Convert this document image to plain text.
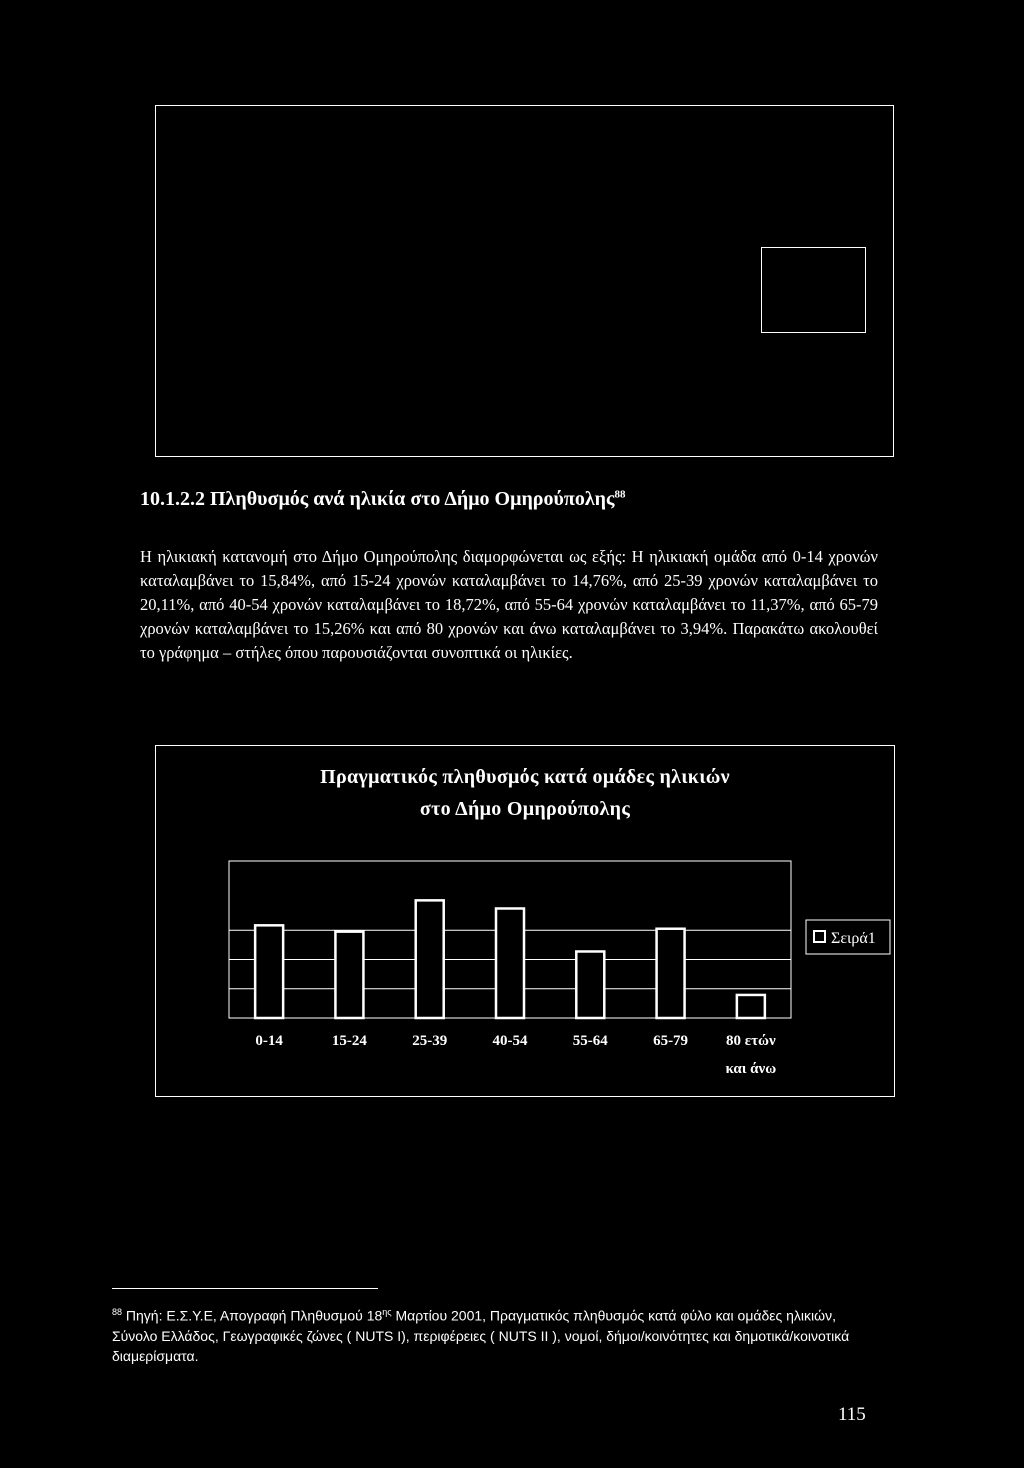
10.1.2.2 Πληθυσμός ανά ηλικία στο Δήμο Ομηρούπολης$^{88}$
Η ηλικιακή κατανομή στο Δήμο Ομηρούπολης διαμορφώνεται ως εξής: Η ηλικιακή ομάδα από 0-14 χρονών καταλαμβάνει το 15,84%, από 15-24 χρονών καταλαμβάνει το 14,76%, από 25-39 χρονών καταλαμβάνει το 20,11%, από 40-54 χρονών καταλαμβάνει το 18,72%, από 55-64 χρονών καταλαμβάνει το 11,37%, από 65-79 χρονών καταλαμβάνει το 15,26% και από 80 χρονών και άνω καταλαμβάνει το 3,94%. Παρακάτω ακολουθεί το γράφημα – στήλες όπου παρουσιάζονται συνοπτικά οι ηλικίες.
Πραγματικός πληθυσμός κατά ομάδες ηλικιών
στο Δήμο Ομηρούπολης
0-14	15-24	25-39	40-54	55-64	65-79	80 ετών
και άνω
Σειρά1
$^{88}$ Πηγή: Ε.Σ.Υ.Ε, Απογραφή Πληθυσμού $18^{\eta\varsigma}$ Μαρτίου 2001, Πραγματικός πληθυσμός κατά φύλο και ομάδες ηλικιών, Σύνολο Ελλάδος, Γεωγραφικές ζώνες ( NUTS I), περιφέρειες ( NUTS II ), νομοί, δήμοι/κοινότητες και δημοτικά/κοινοτικά διαμερίσματα.
115
